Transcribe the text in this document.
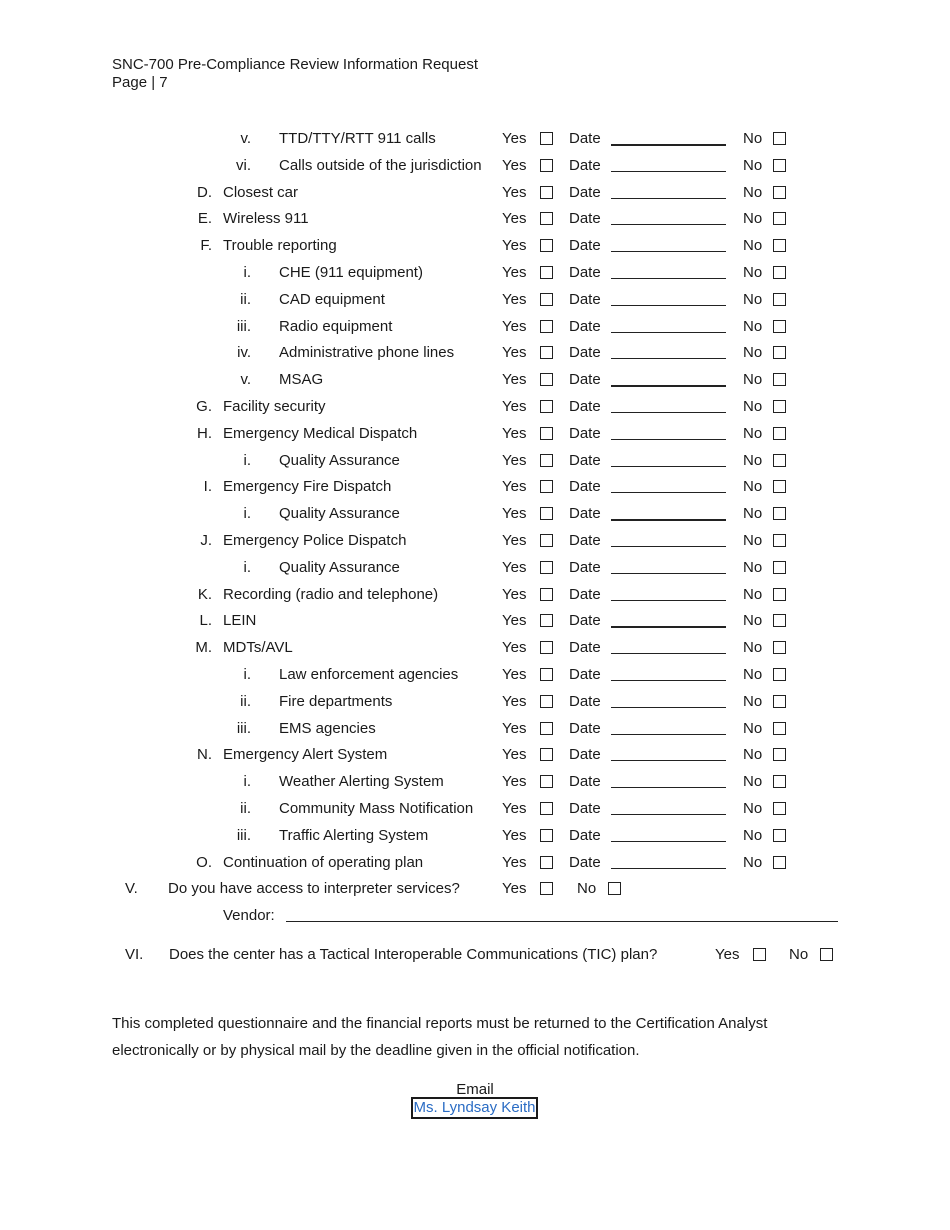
SNC-700 Pre-Compliance Review Information Request
Page | 7
v. TTD/TTY/RTT 911 calls	Yes	Date	No
vi. Calls outside of the jurisdiction Yes	Date	No
D. Closest car	Yes	Date	No
E. Wireless 911	Yes	Date	No
F. Trouble reporting	Yes	Date	No
i. CHE (911 equipment)	Yes	Date	No
ii. CAD equipment	Yes	Date	No
iii. Radio equipment	Yes	Date	No
iv. Administrative phone lines	Yes	Date	No
v. MSAG	Yes	Date	No
G. Facility security	Yes	Date	No
H. Emergency Medical Dispatch	Yes	Date	No
i. Quality Assurance	Yes	Date	No
I. Emergency Fire Dispatch	Yes	Date	No
i. Quality Assurance	Yes	Date	No
J. Emergency Police Dispatch	Yes	Date	No
i. Quality Assurance	Yes	Date	No
K. Recording (radio and telephone)	Yes	Date	No
L. LEIN	Yes	Date	No
M. MDTs/AVL	Yes	Date	No
i. Law enforcement agencies	Yes	Date	No
ii. Fire departments	Yes	Date	No
iii. EMS agencies	Yes	Date	No
N. Emergency Alert System	Yes	Date	No
i. Weather Alerting System	Yes	Date	No
ii. Community Mass Notification Yes	Date	No
iii. Traffic Alerting System	Yes	Date	No
O. Continuation of operating plan	Yes	Date	No
V. Do you have access to interpreter services?	Yes	No
Vendor:
VI. Does the center has a Tactical Interoperable Communications (TIC) plan?	Yes	No
This completed questionnaire and the financial reports must be returned to the Certification Analyst electronically or by physical mail by the deadline given in the official notification.
Email
Ms. Lyndsay Keith
